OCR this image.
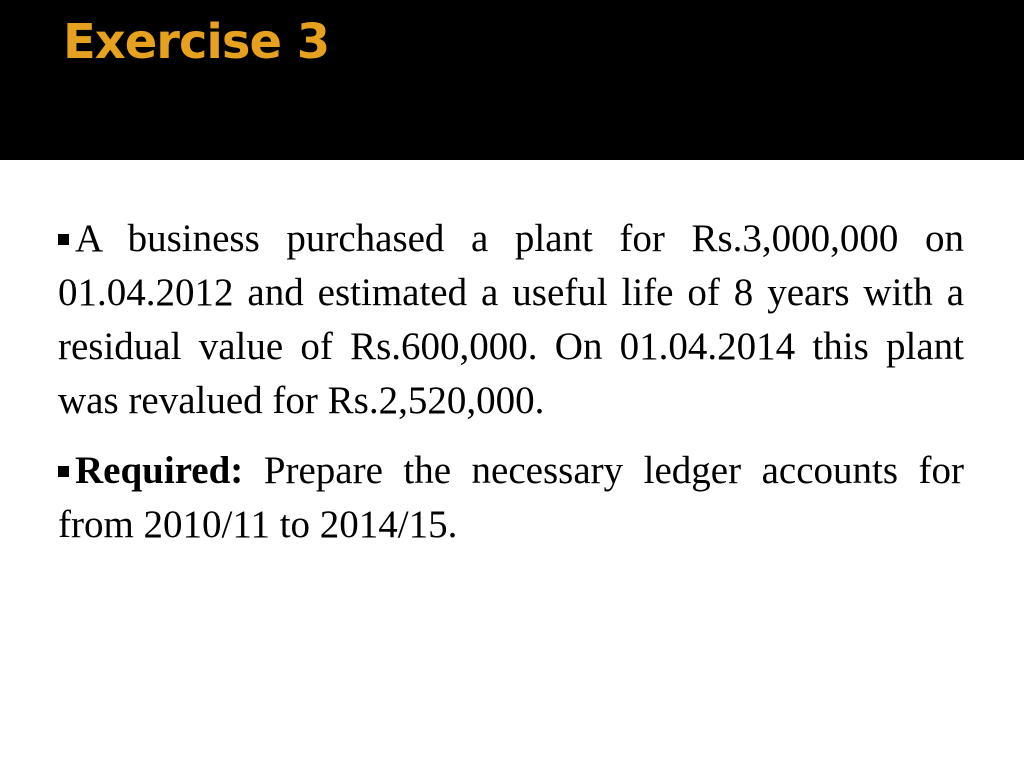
Exercise 3

A business purchased a plant for Rs.3,000,000 on 01.04.2012 and estimated a useful life of 8 years with a residual value of Rs.600,000. On 01.04.2014 this plant was revalued for Rs.2,520,000.

Required: Prepare the necessary ledger accounts for from 2010/11 to 2014/15.
